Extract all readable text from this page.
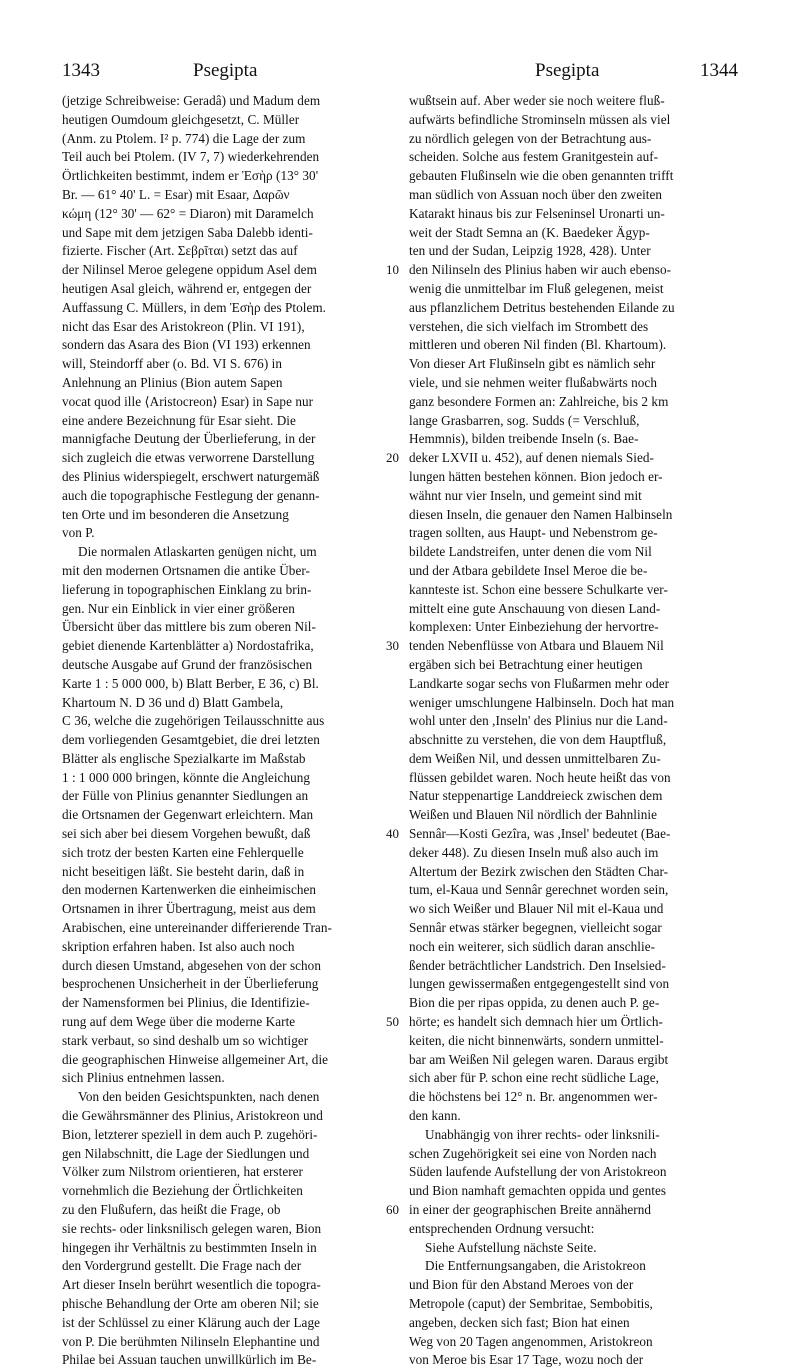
1343	Psegipta	Psegipta	1344
(jetzige Schreibweise: Geradâ) und Madum dem
heutigen Oumdoum gleichgesetzt, C. Müller
(Anm. zu Ptolem. I² p. 774) die Lage der zum
Teil auch bei Ptolem. (IV 7, 7) wiederkehrenden
Örtlichkeiten bestimmt, indem er Ἐσὴρ (13° 30'
Br. — 61° 40' L. = Esar) mit Esaar, Δαρῶν
κώμη (12° 30' — 62° = Diaron) mit Daramelch
und Sape mit dem jetzigen Saba Dalebb identi-
fizierte. Fischer (Art. Σεβρῖται) setzt das auf
der Nilinsel Meroe gelegene oppidum Asel dem
heutigen Asal gleich, während er, entgegen der
Auffassung C. Müllers, in dem Ἐσὴρ des Ptolem.
nicht das Esar des Aristokreon (Plin. VI 191),
sondern das Asara des Bion (VI 193) erkennen
will, Steindorff aber (o. Bd. VI S. 676) in
Anlehnung an Plinius (Bion autem Sapen
vocat quod ille ⟨Aristocreon⟩ Esar) in Sape nur
eine andere Bezeichnung für Esar sieht. Die
mannigfache Deutung der Überlieferung, in der
sich zugleich die etwas verworrene Darstellung
des Plinius widerspiegelt, erschwert naturgemäß
auch die topographische Festlegung der genann-
ten Orte und im besonderen die Ansetzung
von P.
Die normalen Atlaskarten genügen nicht, um
mit den modernen Ortsnamen die antike Über-
lieferung in topographischen Einklang zu brin-
gen. Nur ein Einblick in vier einer größeren
Übersicht über das mittlere bis zum oberen Nil-
gebiet dienende Kartenblätter a) Nordostafrika,
deutsche Ausgabe auf Grund der französischen
Karte 1 : 5 000 000, b) Blatt Berber, E 36, c) Bl.
Khartoum N. D 36 und d) Blatt Gambela,
C 36, welche die zugehörigen Teilausschnitte aus
dem vorliegenden Gesamtgebiet, die drei letzten
Blätter als englische Spezialkarte im Maßstab
1 : 1 000 000 bringen, könnte die Angleichung
der Fülle von Plinius genannter Siedlungen an
die Ortsnamen der Gegenwart erleichtern. Man
sei sich aber bei diesem Vorgehen bewußt, daß
sich trotz der besten Karten eine Fehlerquelle
nicht beseitigen läßt. Sie besteht darin, daß in
den modernen Kartenwerken die einheimischen
Ortsnamen in ihrer Übertragung, meist aus dem
Arabischen, eine untereinander differierende Tran-
skription erfahren haben. Ist also auch noch
durch diesen Umstand, abgesehen von der schon
besprochenen Unsicherheit in der Überlieferung
der Namensformen bei Plinius, die Identifizie-
rung auf dem Wege über die moderne Karte
stark verbaut, so sind deshalb um so wichtiger
die geographischen Hinweise allgemeiner Art, die
sich Plinius entnehmen lassen.
Von den beiden Gesichtspunkten, nach denen
die Gewährsmänner des Plinius, Aristokreon und
Bion, letzterer speziell in dem auch P. zugehöri-
gen Nilabschnitt, die Lage der Siedlungen und
Völker zum Nilstrom orientieren, hat ersterer
vornehmlich die Beziehung der Örtlichkeiten
zu den Flußufern, das heißt die Frage, ob
sie rechts- oder linksnilisch gelegen waren, Bion
hingegen ihr Verhältnis zu bestimmten Inseln in
den Vordergrund gestellt. Die Frage nach der
Art dieser Inseln berührt wesentlich die topogra-
phische Behandlung der Orte am oberen Nil; sie
ist der Schlüssel zu einer Klärung auch der Lage
von P. Die berühmten Nilinseln Elephantine und
Philae bei Assuan tauchen unwillkürlich im Be-
10
20
30
40
50
60
wußtsein auf. Aber weder sie noch weitere fluß-
aufwärts befindliche Strominseln müssen als viel
zu nördlich gelegen von der Betrachtung aus-
scheiden. Solche aus festem Granitgestein auf-
gebauten Flußinseln wie die oben genannten trifft
man südlich von Assuan noch über den zweiten
Katarakt hinaus bis zur Felseninsel Uronarti un-
weit der Stadt Semna an (K. Baedeker Ägyp-
ten und der Sudan, Leipzig 1928, 428). Unter
den Nilinseln des Plinius haben wir auch ebenso-
wenig die unmittelbar im Fluß gelegenen, meist
aus pflanzlichem Detritus bestehenden Eilande zu
verstehen, die sich vielfach im Strombett des
mittleren und oberen Nil finden (Bl. Khartoum).
Von dieser Art Flußinseln gibt es nämlich sehr
viele, und sie nehmen weiter flußabwärts noch
ganz besondere Formen an: Zahlreiche, bis 2 km
lange Grasbarren, sog. Sudds (= Verschluß,
Hemmnis), bilden treibende Inseln (s. Bae-
deker LXVII u. 452), auf denen niemals Sied-
lungen hätten bestehen können. Bion jedoch er-
wähnt nur vier Inseln, und gemeint sind mit
diesen Inseln, die genauer den Namen Halbinseln
tragen sollten, aus Haupt- und Nebenstrom ge-
bildete Landstreifen, unter denen die vom Nil
und der Atbara gebildete Insel Meroe die be-
kannteste ist. Schon eine bessere Schulkarte ver-
mittelt eine gute Anschauung von diesen Land-
komplexen: Unter Einbeziehung der hervortre-
tenden Nebenflüsse von Atbara und Blauem Nil
ergäben sich bei Betrachtung einer heutigen
Landkarte sogar sechs von Flußarmen mehr oder
weniger umschlungene Halbinseln. Doch hat man
wohl unter den ,Inseln' des Plinius nur die Land-
abschnitte zu verstehen, die von dem Hauptfluß,
dem Weißen Nil, und dessen unmittelbaren Zu-
flüssen gebildet waren. Noch heute heißt das von
Natur steppenartige Landdreieck zwischen dem
Weißen und Blauen Nil nördlich der Bahnlinie
Sennâr—Kosti Gezîra, was ,Insel' bedeutet (Bae-
deker 448). Zu diesen Inseln muß also auch im
Altertum der Bezirk zwischen den Städten Char-
tum, el-Kaua und Sennâr gerechnet worden sein,
wo sich Weißer und Blauer Nil mit el-Kaua und
Sennâr etwas stärker begegnen, vielleicht sogar
noch ein weiterer, sich südlich daran anschlie-
ßender beträchtlicher Landstrich. Den Inselsied-
lungen gewissermaßen entgegengestellt sind von
Bion die per ripas oppida, zu denen auch P. ge-
hörte; es handelt sich demnach hier um Örtlich-
keiten, die nicht binnenwärts, sondern unmittel-
bar am Weißen Nil gelegen waren. Daraus ergibt
sich aber für P. schon eine recht südliche Lage,
die höchstens bei 12° n. Br. angenommen wer-
den kann.
Unabhängig von ihrer rechts- oder linksnili-
schen Zugehörigkeit sei eine von Norden nach
Süden laufende Aufstellung der von Aristokreon
und Bion namhaft gemachten oppida und gentes
in einer der geographischen Breite annähernd
entsprechenden Ordnung versucht:
Siehe Aufstellung nächste Seite.
Die Entfernungsangaben, die Aristokreon
und Bion für den Abstand Meroes von der
Metropole (caput) der Sembritae, Sembobitis,
angeben, decken sich fast; Bion hat einen
Weg von 20 Tagen angenommen, Aristokreon
von Meroe bis Esar 17 Tage, wozu noch der
